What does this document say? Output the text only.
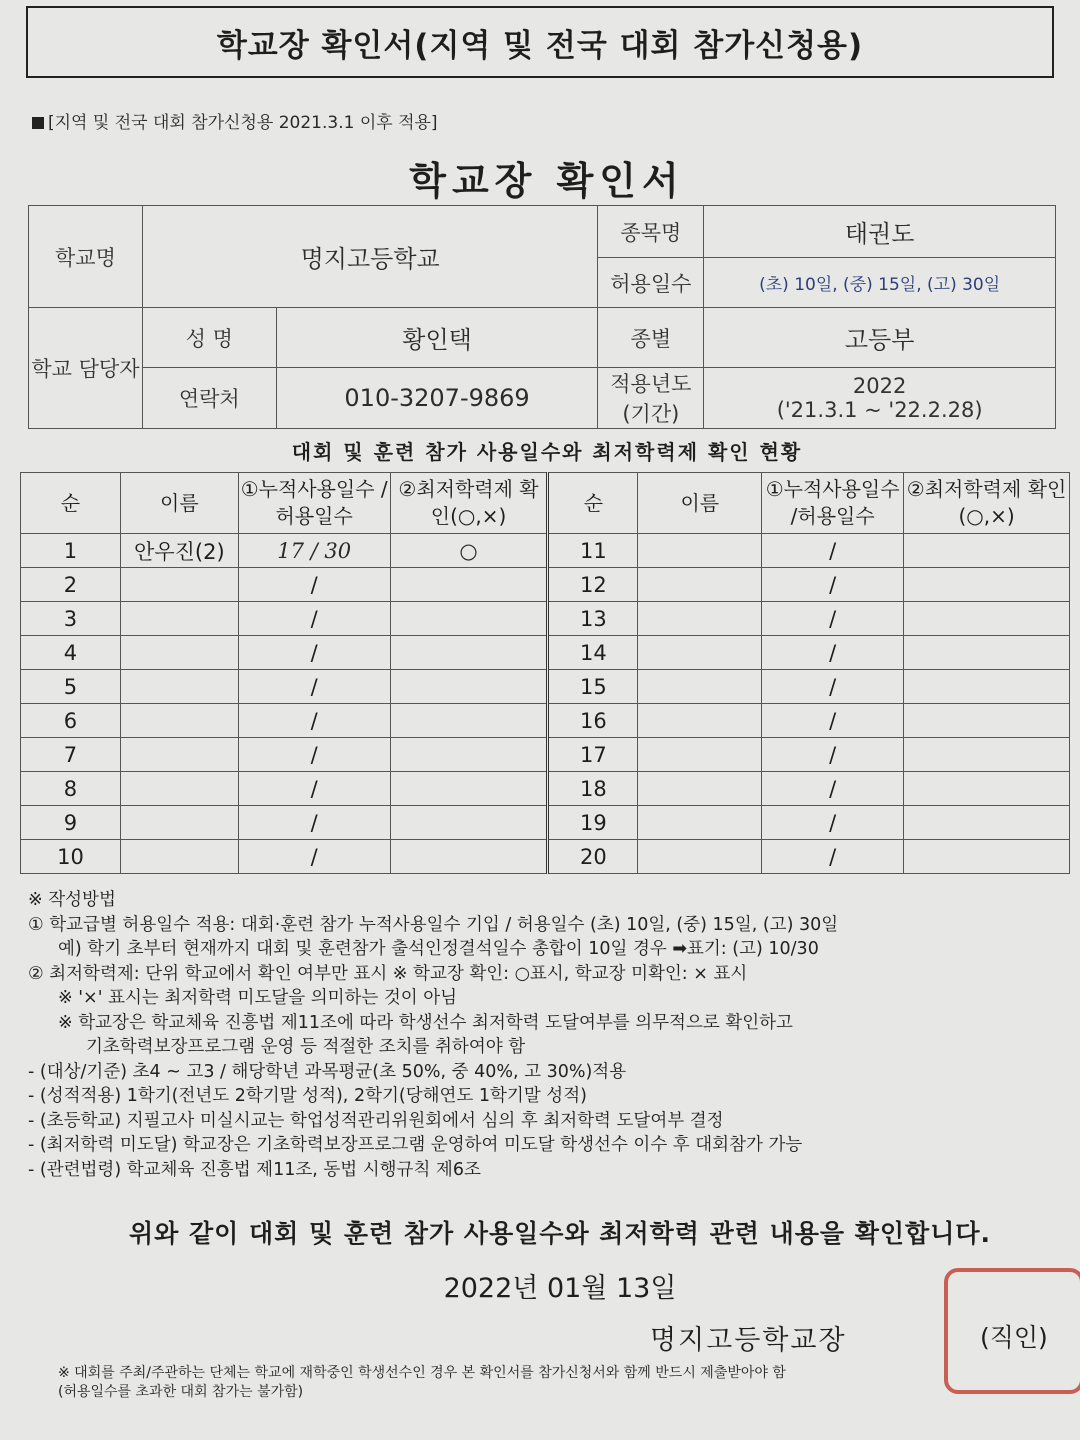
학교장 확인서(지역 및 전국 대회 참가신청용)
[지역 및 전국 대회 참가신청용 2021.3.1 이후 적용]
학교장 확인서
학교명	명지고등학교		종목명	태권도
			허용일수	(초) 10일, (중) 15일, (고) 30일
학교 담당자	성 명	황인택	종별	고등부
	연락처	010-3207-9869	적용년도 (기간)	2022
('21.3.1 ~ '22.2.28)
대회 및 훈련 참가 사용일수와 최저학력제 확인 현황
순	이름	①누적사용일수 /허용일수	②최저학력제 확인(○,×)	순	이름	①누적사용일수 /허용일수	②최저학력제 확인(○,×)
1	안우진(2)	17 / 30	○	11		/	
2		/		12		/	
3		/		13		/	
4		/		14		/	
5		/		15		/	
6		/		16		/	
7		/		17		/	
8		/		18		/	
9		/		19		/	
10		/		20		/	

※ 작성방법

① 학교급별 허용일수 적용: 대회·훈련 참가 누적사용일수 기입 / 허용일수 (초) 10일, (중) 15일, (고) 30일

예) 학기 초부터 현재까지 대회 및 훈련참가 출석인정결석일수 총합이 10일 경우 ➡표기: (고) 10/30

② 최저학력제: 단위 학교에서 확인 여부만 표시 ※ 학교장 확인: ○표시, 학교장 미확인: × 표시

※ '×' 표시는 최저학력 미도달을 의미하는 것이 아님

※ 학교장은 학교체육 진흥법 제11조에 따라 학생선수 최저학력 도달여부를 의무적으로 확인하고

기초학력보장프로그램 운영 등 적절한 조치를 취하여야 함

- (대상/기준) 초4 ~ 고3 / 해당학년 과목평균(초 50%, 중 40%, 고 30%)적용

- (성적적용) 1학기(전년도 2학기말 성적), 2학기(당해연도 1학기말 성적)

- (초등학교) 지필고사 미실시교는 학업성적관리위원회에서 심의 후 최저학력 도달여부 결정

- (최저학력 미도달) 학교장은 기초학력보장프로그램 운영하여 미도달 학생선수 이수 후 대회참가 가능

- (관련법령) 학교체육 진흥법 제11조, 동법 시행규칙 제6조

위와 같이 대회 및 훈련 참가 사용일수와 최저학력 관련 내용을 확인합니다.
2022년 01월 13일
명지고등학교장	(직인)

※ 대회를 주최/주관하는 단체는 학교에 재학중인 학생선수인 경우 본 확인서를 참가신청서와 함께 반드시 제출받아야 함

(허용일수를 초과한 대회 참가는 불가함)
